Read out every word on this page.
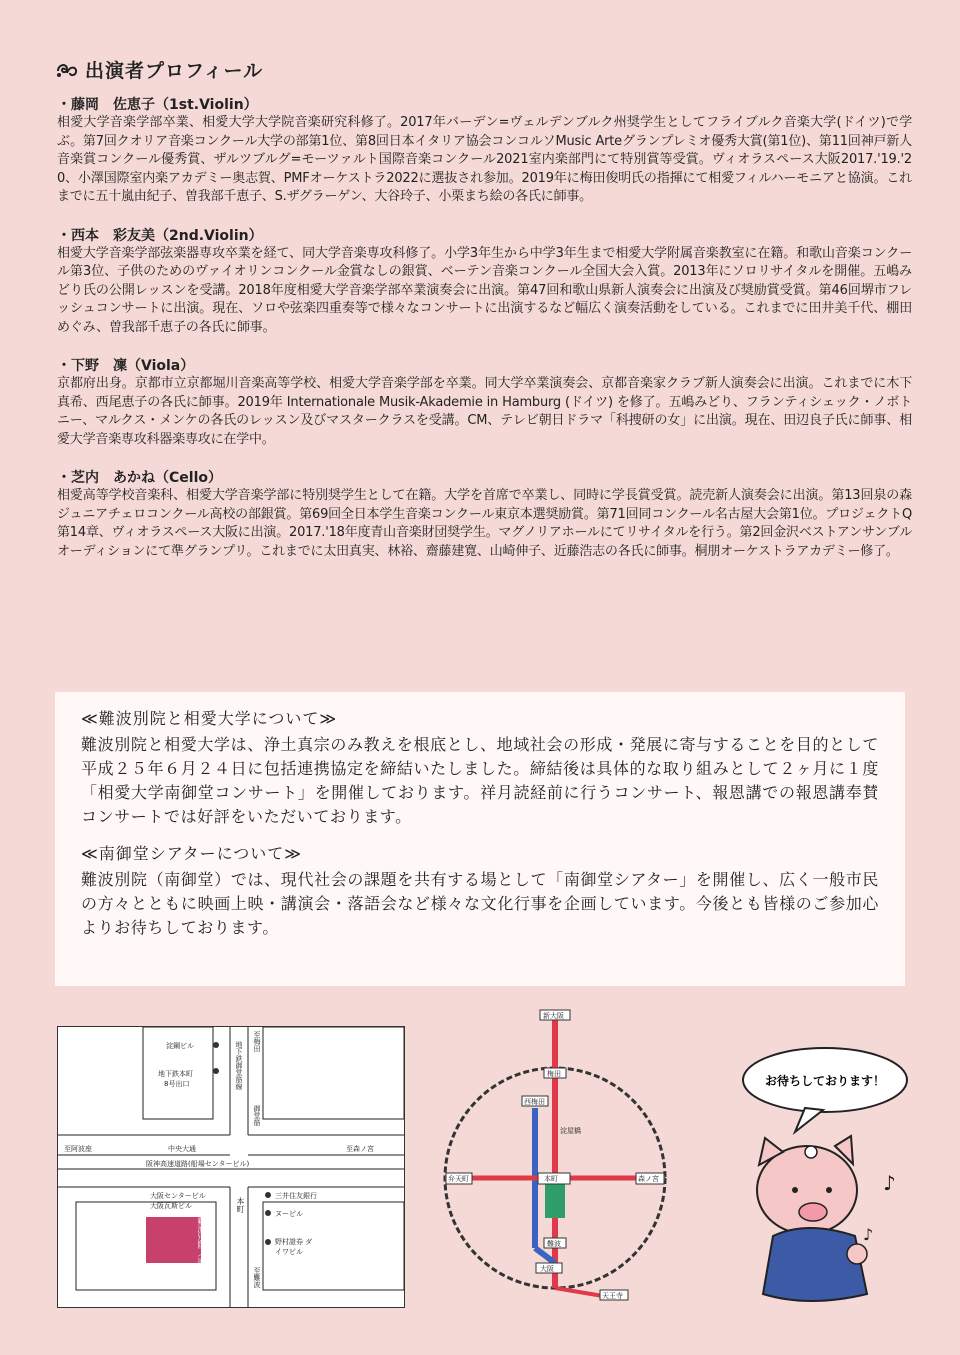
出演者プロフィール
・藤岡　佐恵子（1st.Violin）
相愛大学音楽学部卒業、相愛大学大学院音楽研究科修了。2017年バーデン=ヴェルデンブルク州奨学生としてフライブルク音楽大学(ドイツ)で学ぶ。第7回クオリア音楽コンクール大学の部第1位、第8回日本イタリア協会コンコルソMusic Arteグランプレミオ優秀大賞(第1位)、第11回神戸新人音楽賞コンクール優秀賞、ザルツブルグ=モーツァルト国際音楽コンクール2021室内楽部門にて特別賞等受賞。ヴィオラスペース大阪2017.'19.'20、小澤国際室内楽アカデミー奥志賀、PMFオーケストラ2022に選抜され参加。2019年に梅田俊明氏の指揮にて相愛フィルハーモニアと協演。これまでに五十嵐由紀子、曽我部千恵子、S.ザグラーゲン、大谷玲子、小栗まち絵の各氏に師事。
・西本　彩友美（2nd.Violin）
相愛大学音楽学部弦楽器専攻卒業を経て、同大学音楽専攻科修了。小学3年生から中学3年生まで相愛大学附属音楽教室に在籍。和歌山音楽コンクール第3位、子供のためのヴァイオリンコンクール金賞なしの銀賞、ベーテン音楽コンクール全国大会入賞。2013年にソロリサイタルを開催。五嶋みどり氏の公開レッスンを受講。2018年度相愛大学音楽学部卒業演奏会に出演。第47回和歌山県新人演奏会に出演及び奨励賞受賞。第46回堺市フレッシュコンサートに出演。現在、ソロや弦楽四重奏等で様々なコンサートに出演するなど幅広く演奏活動をしている。これまでに田井美千代、棚田めぐみ、曽我部千恵子の各氏に師事。
・下野　凜（Viola）
京都府出身。京都市立京都堀川音楽高等学校、相愛大学音楽学部を卒業。同大学卒業演奏会、京都音楽家クラブ新人演奏会に出演。これまでに木下真希、西尾恵子の各氏に師事。2019年 Internationale Musik-Akademie in Hamburg (ドイツ) を修了。五嶋みどり、フランティシェック・ノボトニー、マルクス・メンケの各氏のレッスン及びマスタークラスを受講。CM、テレビ朝日ドラマ「科捜研の女」に出演。現在、田辺良子氏に師事、相愛大学音楽専攻科器楽専攻に在学中。
・芝内　あかね（Cello）
相愛高等学校音楽科、相愛大学音楽学部に特別奨学生として在籍。大学を首席で卒業し、同時に学長賞受賞。読売新人演奏会に出演。第13回泉の森ジュニアチェロコンクール高校の部銀賞。第69回全日本学生音楽コンクール東京本選奨励賞。第71回同コンクール名古屋大会第1位。プロジェクトQ第14章、ヴィオラスペース大阪に出演。2017.'18年度青山音楽財団奨学生。マグノリアホールにてリサイタルを行う。第2回金沢ベストアンサンブルオーディションにて準グランプリ。これまでに太田真実、林裕、齋藤建寛、山崎伸子、近藤浩志の各氏に師事。桐朋オーケストラアカデミー修了。
≪難波別院と相愛大学について≫

難波別院と相愛大学は、浄土真宗のみ教えを根底とし、地域社会の形成・発展に寄与することを目的として平成２５年６月２４日に包括連携協定を締結いたしました。締結後は具体的な取り組みとして２ヶ月に１度「相愛大学南御堂コンサート」を開催しております。祥月読経前に行うコンサート、報恩講での報恩講奉賛コンサートでは好評をいただいております。

≪南御堂シアターについて≫

難波別院（南御堂）では、現代社会の課題を共有する場として「南御堂シアター」を開催し、広く一般市民の方々とともに映画上映・講演会・落語会など様々な文化行事を企画しています。今後とも皆様のご参加心よりお待ちしております。

淀鋼ビル
地下鉄本町
8号出口
中央大通
至阿波座	至森ノ宮
阪神高速道路(船場センタービル)
大阪センタービル
大阪瓦斯ビル
三井住友銀行
ヌーピル
野村證券 ダイワビル
難波別院（南御堂）
本町
地下鉄御堂筋線 至梅田
御堂筋
至難波
新大阪
梅田
西梅田
淀屋橋
本町
弁天町	森ノ宮
難波
大阪
天王寺
お待ちしております！
♪
♪
